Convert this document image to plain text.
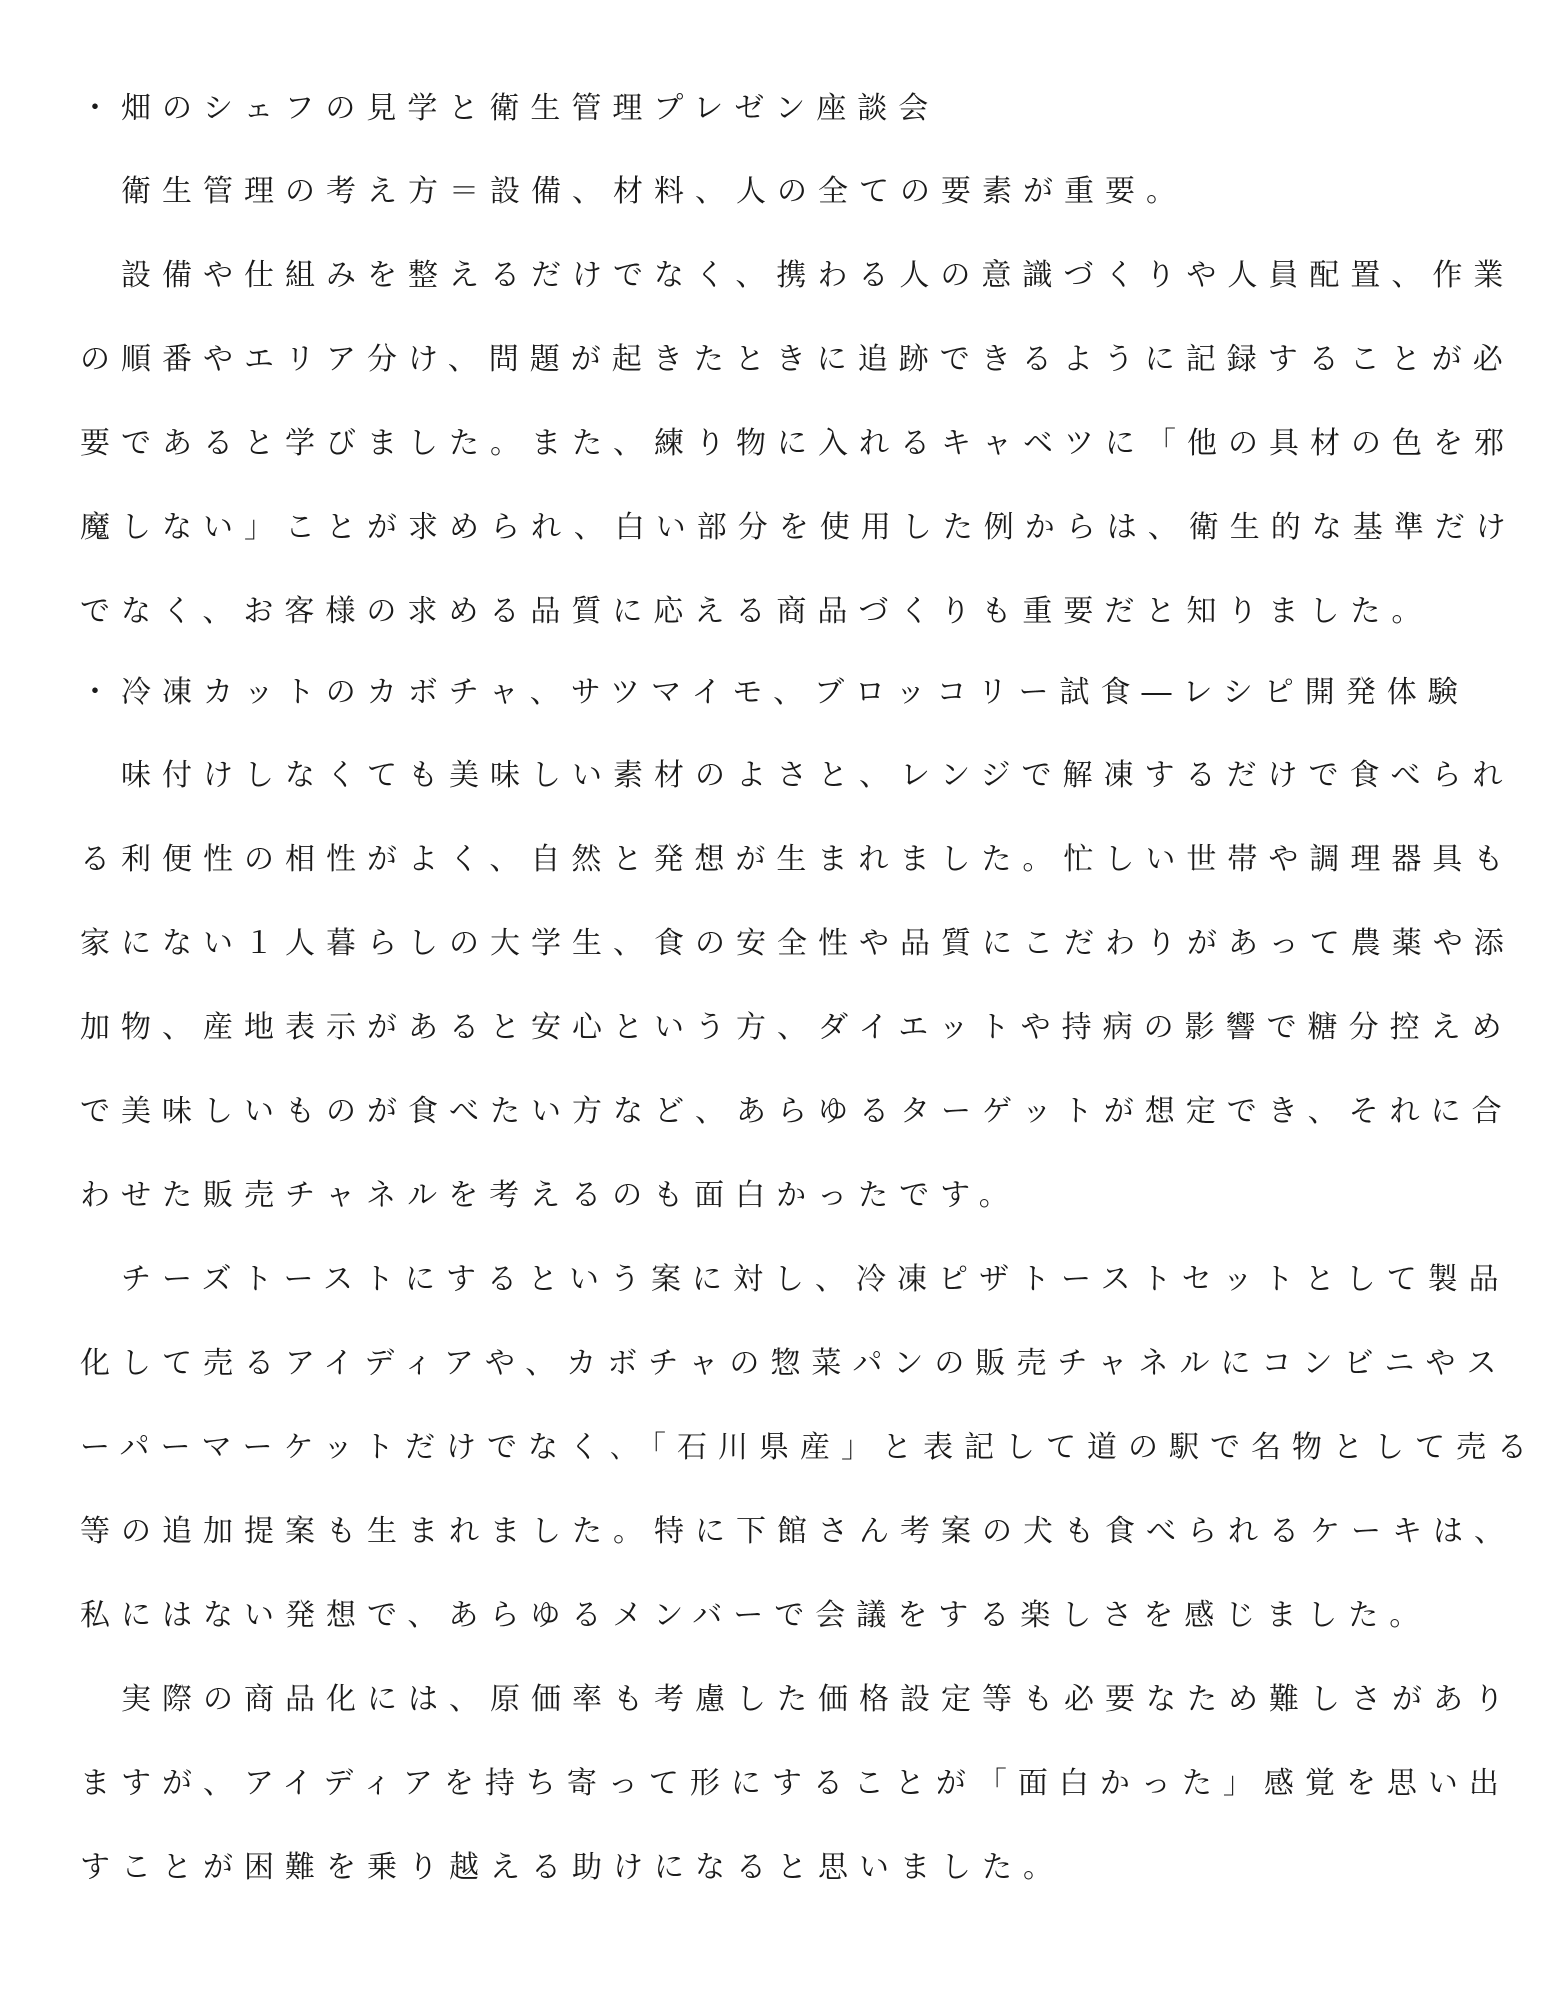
・畑のシェフの見学と衛生管理プレゼン座談会
　衛生管理の考え方＝設備、材料、人の全ての要素が重要。
　設備や仕組みを整えるだけでなく、携わる人の意識づくりや人員配置、作業
の順番やエリア分け、問題が起きたときに追跡できるように記録することが必
要であると学びました。また、練り物に入れるキャベツに「他の具材の色を邪
魔しない」ことが求められ、白い部分を使用した例からは、衛生的な基準だけ
でなく、お客様の求める品質に応える商品づくりも重要だと知りました。
・冷凍カットのカボチャ、サツマイモ、ブロッコリー試食―レシピ開発体験
　味付けしなくても美味しい素材のよさと、レンジで解凍するだけで食べられ
る利便性の相性がよく、自然と発想が生まれました。忙しい世帯や調理器具も
家にない１人暮らしの大学生、食の安全性や品質にこだわりがあって農薬や添
加物、産地表示があると安心という方、ダイエットや持病の影響で糖分控えめ
で美味しいものが食べたい方など、あらゆるターゲットが想定でき、それに合
わせた販売チャネルを考えるのも面白かったです。
　チーズトーストにするという案に対し、冷凍ピザトーストセットとして製品
化して売るアイディアや、カボチャの惣菜パンの販売チャネルにコンビニやス
ーパーマーケットだけでなく､「石川県産」と表記して道の駅で名物として売る
等の追加提案も生まれました。特に下館さん考案の犬も食べられるケーキは、
私にはない発想で、あらゆるメンバーで会議をする楽しさを感じました。
　実際の商品化には、原価率も考慮した価格設定等も必要なため難しさがあり
ますが、アイディアを持ち寄って形にすることが「面白かった」感覚を思い出
すことが困難を乗り越える助けになると思いました。
